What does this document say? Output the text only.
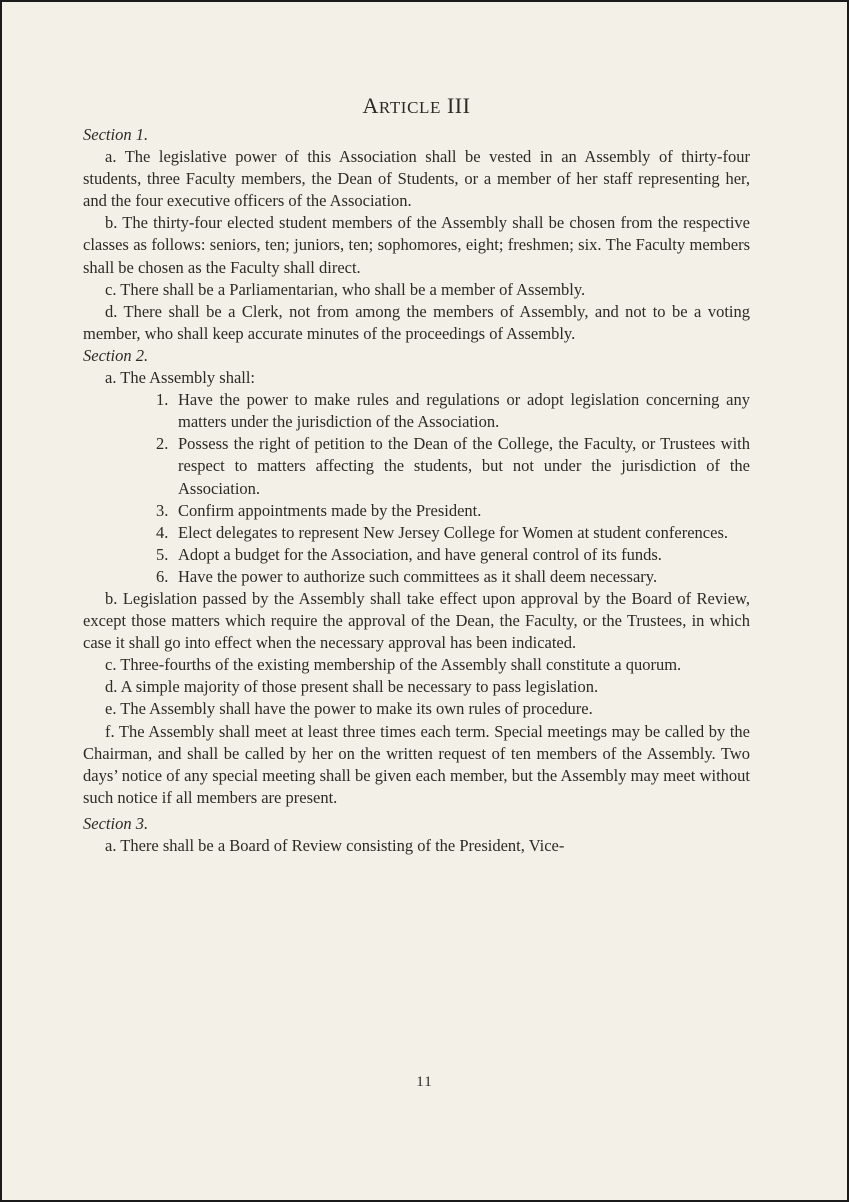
ARTICLE III

Section 1.

a. The legislative power of this Association shall be vested in an Assembly of thirty-four students, three Faculty members, the Dean of Students, or a member of her staff representing her, and the four executive officers of the Association.

b. The thirty-four elected student members of the Assembly shall be chosen from the respective classes as follows: seniors, ten; juniors, ten; sophomores, eight; freshmen; six. The Faculty members shall be chosen as the Faculty shall direct.

c. There shall be a Parliamentarian, who shall be a member of Assembly.

d. There shall be a Clerk, not from among the members of Assembly, and not to be a voting member, who shall keep accurate minutes of the proceedings of Assembly.

Section 2.

a. The Assembly shall:

1. Have the power to make rules and regulations or adopt legislation concerning any matters under the jurisdiction of the Association.
2. Possess the right of petition to the Dean of the College, the Faculty, or Trustees with respect to matters affecting the students, but not under the jurisdiction of the Association.
3. Confirm appointments made by the President.
4. Elect delegates to represent New Jersey College for Women at student conferences.
5. Adopt a budget for the Association, and have general control of its funds.
6. Have the power to authorize such committees as it shall deem necessary.

b. Legislation passed by the Assembly shall take effect upon approval by the Board of Review, except those matters which require the approval of the Dean, the Faculty, or the Trustees, in which case it shall go into effect when the necessary approval has been indicated.

c. Three-fourths of the existing membership of the Assembly shall constitute a quorum.

d. A simple majority of those present shall be necessary to pass legislation.

e. The Assembly shall have the power to make its own rules of procedure.

f. The Assembly shall meet at least three times each term. Special meetings may be called by the Chairman, and shall be called by her on the written request of ten members of the Assembly. Two days’ notice of any special meeting shall be given each member, but the Assembly may meet without such notice if all members are present.

Section 3.

a. There shall be a Board of Review consisting of the President, Vice-

11
